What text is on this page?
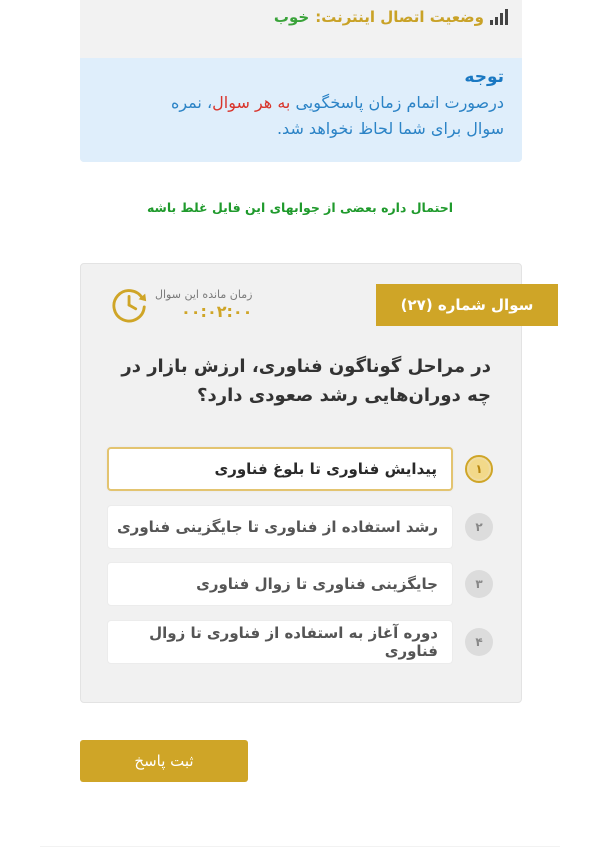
وضعیت اتصال اینترنت:
خوب
توجه
درصورت اتمام زمان پاسخگویی به هر سوال، نمره
سوال برای شما لحاظ نخواهد شد.
احتمال داره بعضی از جوابهای این فایل غلط باشه
سوال شماره (۲۷)
زمان مانده این سوال
۰۰:۰۲:۰۰
در مراحل گوناگون فناوری، ارزش بازار در چه دوران‌هایی رشد صعودی دارد؟
پیدایش فناوری تا بلوغ فناوری	۱
رشد استفاده از فناوری تا جایگزینی فناوری	۲
جایگزینی فناوری تا زوال فناوری	۳
دوره آغاز به استفاده از فناوری تا زوال فناوری	۴
ثبت پاسخ
